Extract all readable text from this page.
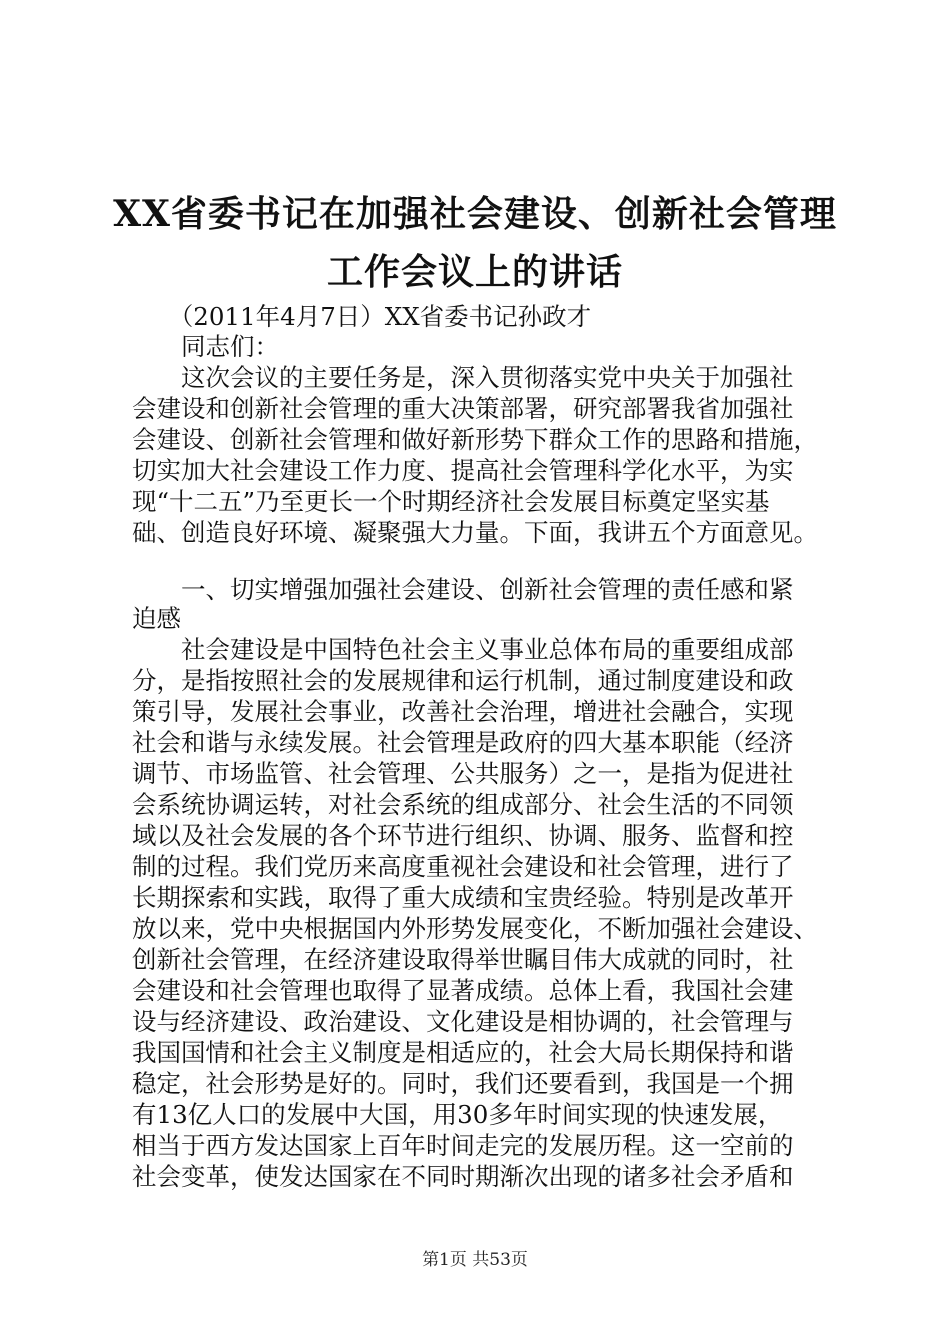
XX省委书记在加强社会建设、创新社会管理
工作会议上的讲话
　　（2011年4月7日）XX省委书记孙政才
　　同志们：
　　这次会议的主要任务是，深入贯彻落实党中央关于加强社
会建设和创新社会管理的重大决策部署，研究部署我省加强社
会建设、创新社会管理和做好新形势下群众工作的思路和措施，
切实加大社会建设工作力度、提高社会管理科学化水平，为实
现“十二五”乃至更长一个时期经济社会发展目标奠定坚实基
础、创造良好环境、凝聚强大力量。下面，我讲五个方面意见。
　　一、切实增强加强社会建设、创新社会管理的责任感和紧
迫感
　　社会建设是中国特色社会主义事业总体布局的重要组成部
分，是指按照社会的发展规律和运行机制，通过制度建设和政
策引导，发展社会事业，改善社会治理，增进社会融合，实现
社会和谐与永续发展。社会管理是政府的四大基本职能（经济
调节、市场监管、社会管理、公共服务）之一，是指为促进社
会系统协调运转，对社会系统的组成部分、社会生活的不同领
域以及社会发展的各个环节进行组织、协调、服务、监督和控
制的过程。我们党历来高度重视社会建设和社会管理，进行了
长期探索和实践，取得了重大成绩和宝贵经验。特别是改革开
放以来，党中央根据国内外形势发展变化，不断加强社会建设、
创新社会管理，在经济建设取得举世瞩目伟大成就的同时，社
会建设和社会管理也取得了显著成绩。总体上看，我国社会建
设与经济建设、政治建设、文化建设是相协调的，社会管理与
我国国情和社会主义制度是相适应的，社会大局长期保持和谐
稳定，社会形势是好的。同时，我们还要看到，我国是一个拥
有13亿人口的发展中大国，用30多年时间实现的快速发展，
相当于西方发达国家上百年时间走完的发展历程。这一空前的
社会变革，使发达国家在不同时期渐次出现的诸多社会矛盾和
第1页 共53页
